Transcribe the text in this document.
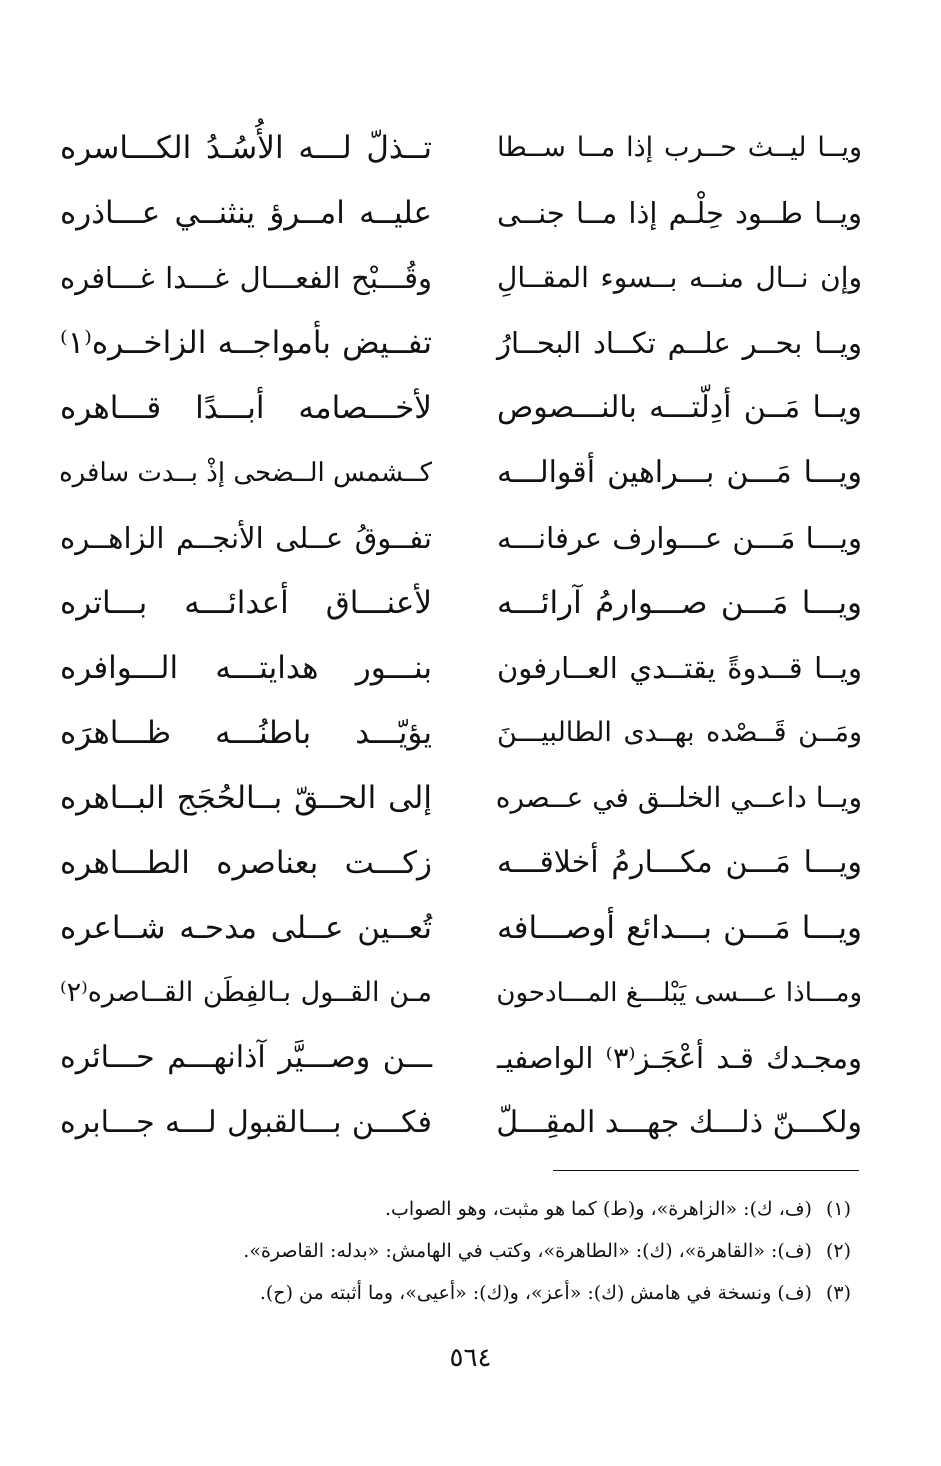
ويــا ليــث حــرب إذا مــا ســطا
تــذلّ لـــه الأُسُـدُ الكـــاسره
ويــا طــود حِلْـم إذا مــا جنــى
عليــه امــرؤ ينثنــي عـــاذره
وإن نــال منــه بــسوء المقــالِ
وقُـــبْح الفعـــال غـــدا غـــافره
ويــا بحــر علــم تكــاد البحــارُ
تفــيض بأمواجــه الزاخــره⁽١⁾
ويــا مَــن أدِلّتـــه بالنـــصوص
لأخـــصامه أبـــدًا قـــاهره
ويـــا مَـــن بـــراهين أقوالـــه
كــشمس الــضحى إذْ بــدت سافره
ويـــا مَـــن عـــوارف عرفانـــه
تفــوقُ عــلى الأنجــم الزاهــره
ويـــا مَـــن صـــوارمُ آرائـــه
لأعنـــاق أعدائـــه بـــاتره
ويــا قــدوةً يقتــدي العــارفون
بنـــور هدايتـــه الـــوافره
ومَــن قَــصْده بهــدى الطالبيـــنَ
يؤيّـــد باطنُـــه ظـــاهرَه
ويــا داعــي الخلــق في عــصره
إلى الحــقّ بــالحُجَج البــاهره
ويـــا مَـــن مكـــارمُ أخلاقـــه
زكـــت بعناصره الطـــاهره
ويـــا مَـــن بـــدائع أوصـــافه
تُعــين عــلى مدحـه شــاعره
ومـــاذا عـــسى يَبْلـــغ المـــادحون
مـن القــول بـالفِطَن القــاصره⁽٢⁾
ومجـدك قـد أعْجَـز⁽٣⁾ الواصفيـ
ـــن وصـــيَّر آذانهـــم حـــائره
ولكـــنّ ذلـــك جهـــد المقِـــلّ
فكـــن بـــالقبول لـــه جـــابره
(١)(ف، ك): «الزاهرة»، و(ط) كما هو مثبت، وهو الصواب.
(٢)(ف): «القاهرة»، (ك): «الطاهرة»، وكتب في الهامش: «بدله: القاصرة».
(٣)(ف) ونسخة في هامش (ك): «أعز»، و(ك): «أعيى»، وما أثبته من (ح).
٥٦٤
